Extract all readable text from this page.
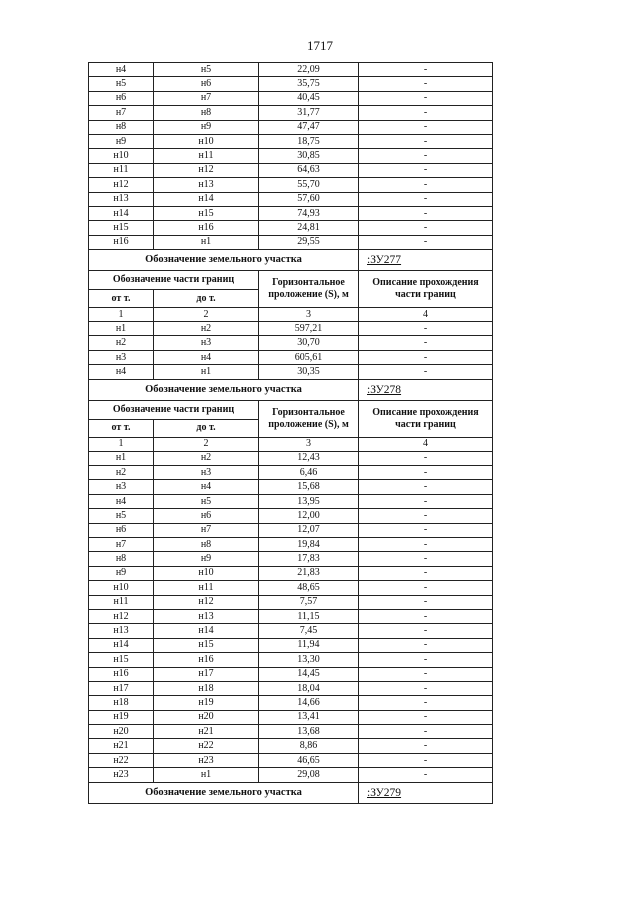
1717
н4	н5	22,09	-
н5	н6	35,75	-
н6	н7	40,45	-
н7	н8	31,77	-
н8	н9	47,47	-
н9	н10	18,75	-
н10	н11	30,85	-
н11	н12	64,63	-
н12	н13	55,70	-
н13	н14	57,60	-
н14	н15	74,93	-
н15	н16	24,81	-
н16	н1	29,55	-
Обозначение земельного участка			:ЗУ277
Обозначение части границ		Горизонтальное проложение (S), м	Описание прохождения части границ
от т.	до т.		
1	2	3	4
н1	н2	597,21	-
н2	н3	30,70	-
н3	н4	605,61	-
н4	н1	30,35	-
Обозначение земельного участка			:ЗУ278
Обозначение части границ		Горизонтальное проложение (S), м	Описание прохождения части границ
от т.	до т.		
1	2	3	4
н1	н2	12,43	-
н2	н3	6,46	-
н3	н4	15,68	-
н4	н5	13,95	-
н5	н6	12,00	-
н6	н7	12,07	-
н7	н8	19,84	-
н8	н9	17,83	-
н9	н10	21,83	-
н10	н11	48,65	-
н11	н12	7,57	-
н12	н13	11,15	-
н13	н14	7,45	-
н14	н15	11,94	-
н15	н16	13,30	-
н16	н17	14,45	-
н17	н18	18,04	-
н18	н19	14,66	-
н19	н20	13,41	-
н20	н21	13,68	-
н21	н22	8,86	-
н22	н23	46,65	-
н23	н1	29,08	-
Обозначение земельного участка			:ЗУ279
